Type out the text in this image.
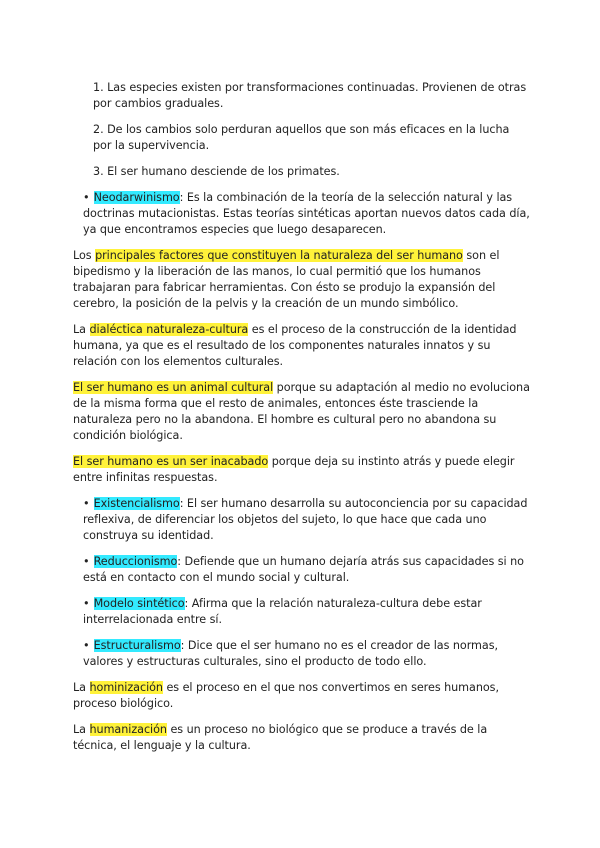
1. Las especies existen por transformaciones continuadas. Provienen de otras por cambios graduales.

2. De los cambios solo perduran aquellos que son más eficaces en la lucha por la supervivencia.

3. El ser humano desciende de los primates.

• Neodarwinismo: Es la combinación de la teoría de la selección natural y las doctrinas mutacionistas. Estas teorías sintéticas aportan nuevos datos cada día, ya que encontramos especies que luego desaparecen.

Los principales factores que constituyen la naturaleza del ser humano son el bipedismo y la liberación de las manos, lo cual permitió que los humanos trabajaran para fabricar herramientas. Con ésto se produjo la expansión del cerebro, la posición de la pelvis y la creación de un mundo simbólico.

La dialéctica naturaleza-cultura es el proceso de la construcción de la identidad humana, ya que es el resultado de los componentes naturales innatos y su relación con los elementos culturales.

El ser humano es un animal cultural porque su adaptación al medio no evoluciona de la misma forma que el resto de animales, entonces éste trasciende la naturaleza pero no la abandona. El hombre es cultural pero no abandona su condición biológica.

El ser humano es un ser inacabado porque deja su instinto atrás y puede elegir entre infinitas respuestas.

• Existencialismo: El ser humano desarrolla su autoconciencia por su capacidad reflexiva, de diferenciar los objetos del sujeto, lo que hace que cada uno construya su identidad.

• Reduccionismo: Defiende que un humano dejaría atrás sus capacidades si no está en contacto con el mundo social y cultural.

• Modelo sintético: Afirma que la relación naturaleza-cultura debe estar interrelacionada entre sí.

• Estructuralismo: Dice que el ser humano no es el creador de las normas, valores y estructuras culturales, sino el producto de todo ello.

La hominización es el proceso en el que nos convertimos en seres humanos, proceso biológico.

La humanización es un proceso no biológico que se produce a través de la técnica, el lenguaje y la cultura.
